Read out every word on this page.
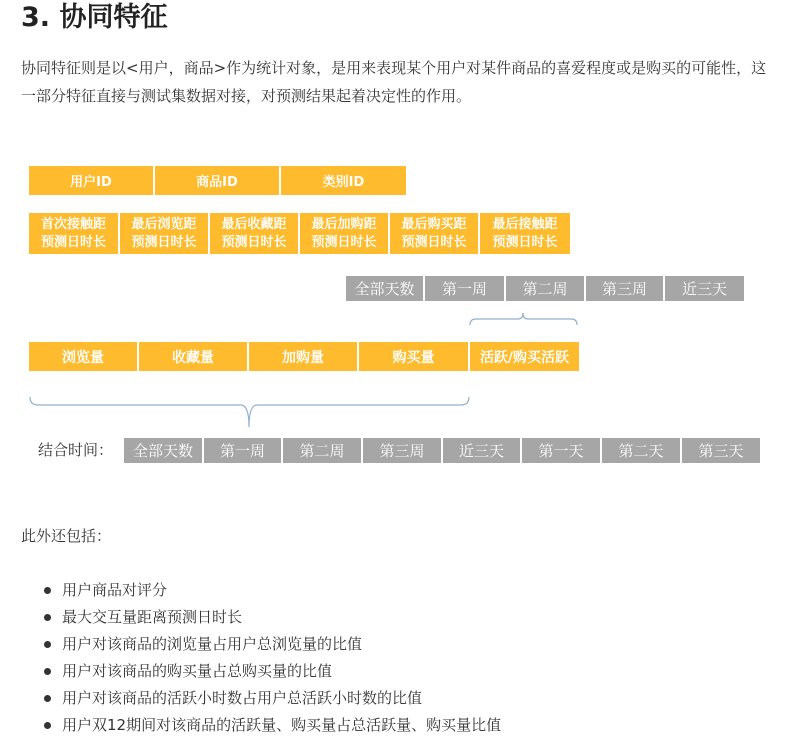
3. 协同特征

协同特征则是以<用户，商品>作为统计对象，是用来表现某个用户对某件商品的喜爱程度或是购买的可能性，这一部分特征直接与测试集数据对接，对预测结果起着决定性的作用。

用户ID	商品ID	类别ID
首次接触距
预测日时长
最后浏览距
预测日时长
最后收藏距
预测日时长
最后加购距
预测日时长
最后购买距
预测日时长
最后接触距
预测日时长
全部天数	第一周	第二周	第三周	近三天
浏览量	收藏量	加购量	购买量	活跃/购买活跃
结合时间：	全部天数	第一周	第二周	第三周	近三天	第一天	第二天	第三天

此外还包括：

用户商品对评分
最大交互量距离预测日时长
用户对该商品的浏览量占用户总浏览量的比值
用户对该商品的购买量占总购买量的比值
用户对该商品的活跃小时数占用户总活跃小时数的比值
用户双12期间对该商品的活跃量、购买量占总活跃量、购买量比值
